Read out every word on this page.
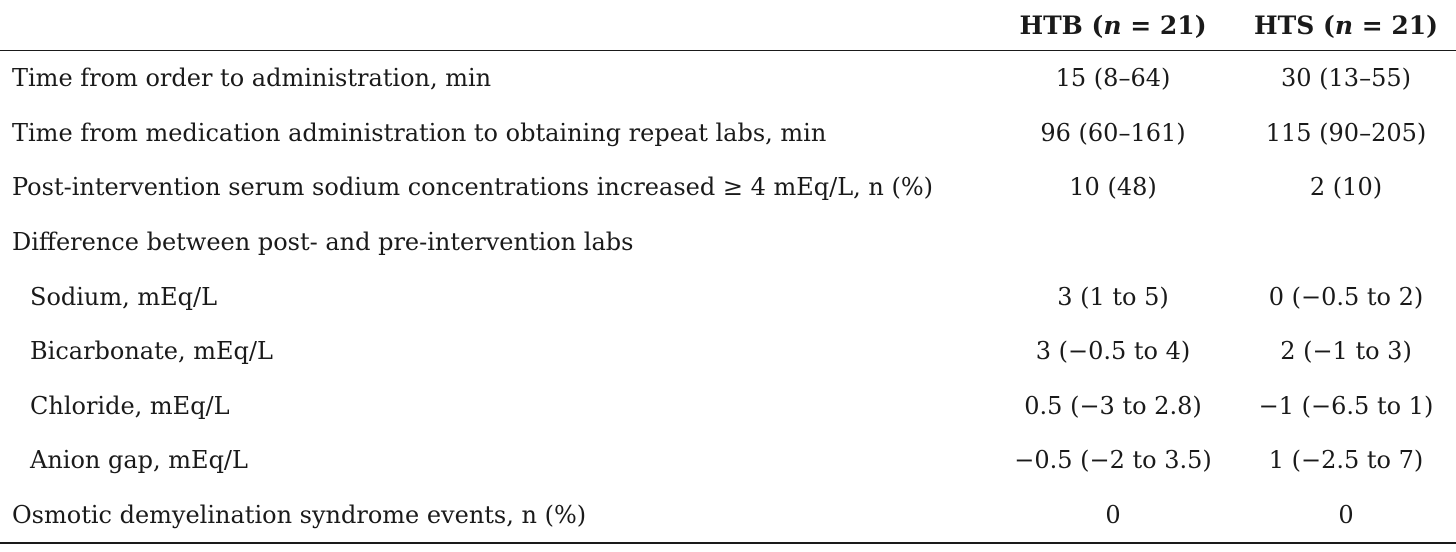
	HTB (n = 21)	HTS (n = 21)
Time from order to administration, min	15 (8–64)	30 (13–55)
Time from medication administration to obtaining repeat labs, min	96 (60–161)	115 (90–205)
Post-intervention serum sodium concentrations increased ≥ 4 mEq/L, n (%)	10 (48)	2 (10)
Difference between post- and pre-intervention labs		
Sodium, mEq/L	3 (1 to 5)	0 (−0.5 to 2)
Bicarbonate, mEq/L	3 (−0.5 to 4)	2 (−1 to 3)
Chloride, mEq/L	0.5 (−3 to 2.8)	−1 (−6.5 to 1)
Anion gap, mEq/L	−0.5 (−2 to 3.5)	1 (−2.5 to 7)
Osmotic demyelination syndrome events, n (%)	0	0
